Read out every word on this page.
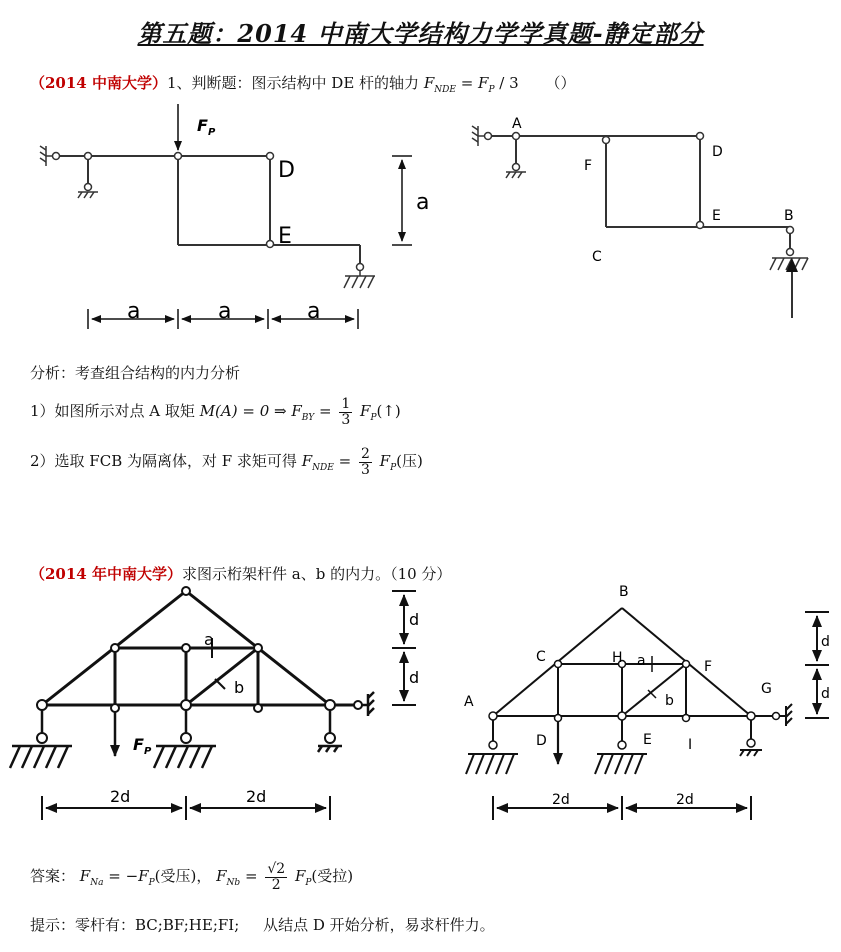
第五题：2014 中南大学结构力学学真题-静定部分
（2014 中南大学）1、判断题：图示结构中 DE 杆的轴力 $F_{NDE} = F_P / 3$ （）
$F_P$
D
E
a
a	a	a
A
D
F
E	B
C
分析：考查组合结构的内力分析
1）如图所示对点 A 取矩 M(A) = 0 ⇒ $F_{BY} = \frac{1}{3}$ $F_P(↑)$
2）选取 FCB 为隔离体，对 F 求矩可得 $F_{NDE} = \frac{2}{3} F_P$(压)
（2014 年中南大学）求图示桁架杆件 a、b 的内力。（10 分）
$F_P$
a
b
d
d
2d	2d
B
C	H a	F
b
A
G
D	E	I
d
d
2d	2d
答案： $F_{Na} = -F_P$(受压)， $F_{Nb} = \frac{√2}{2} F_P$(受拉)
提示：零杆有：BC;BF;HE;FI;     从结点 D 开始分析，易求杆件力。
